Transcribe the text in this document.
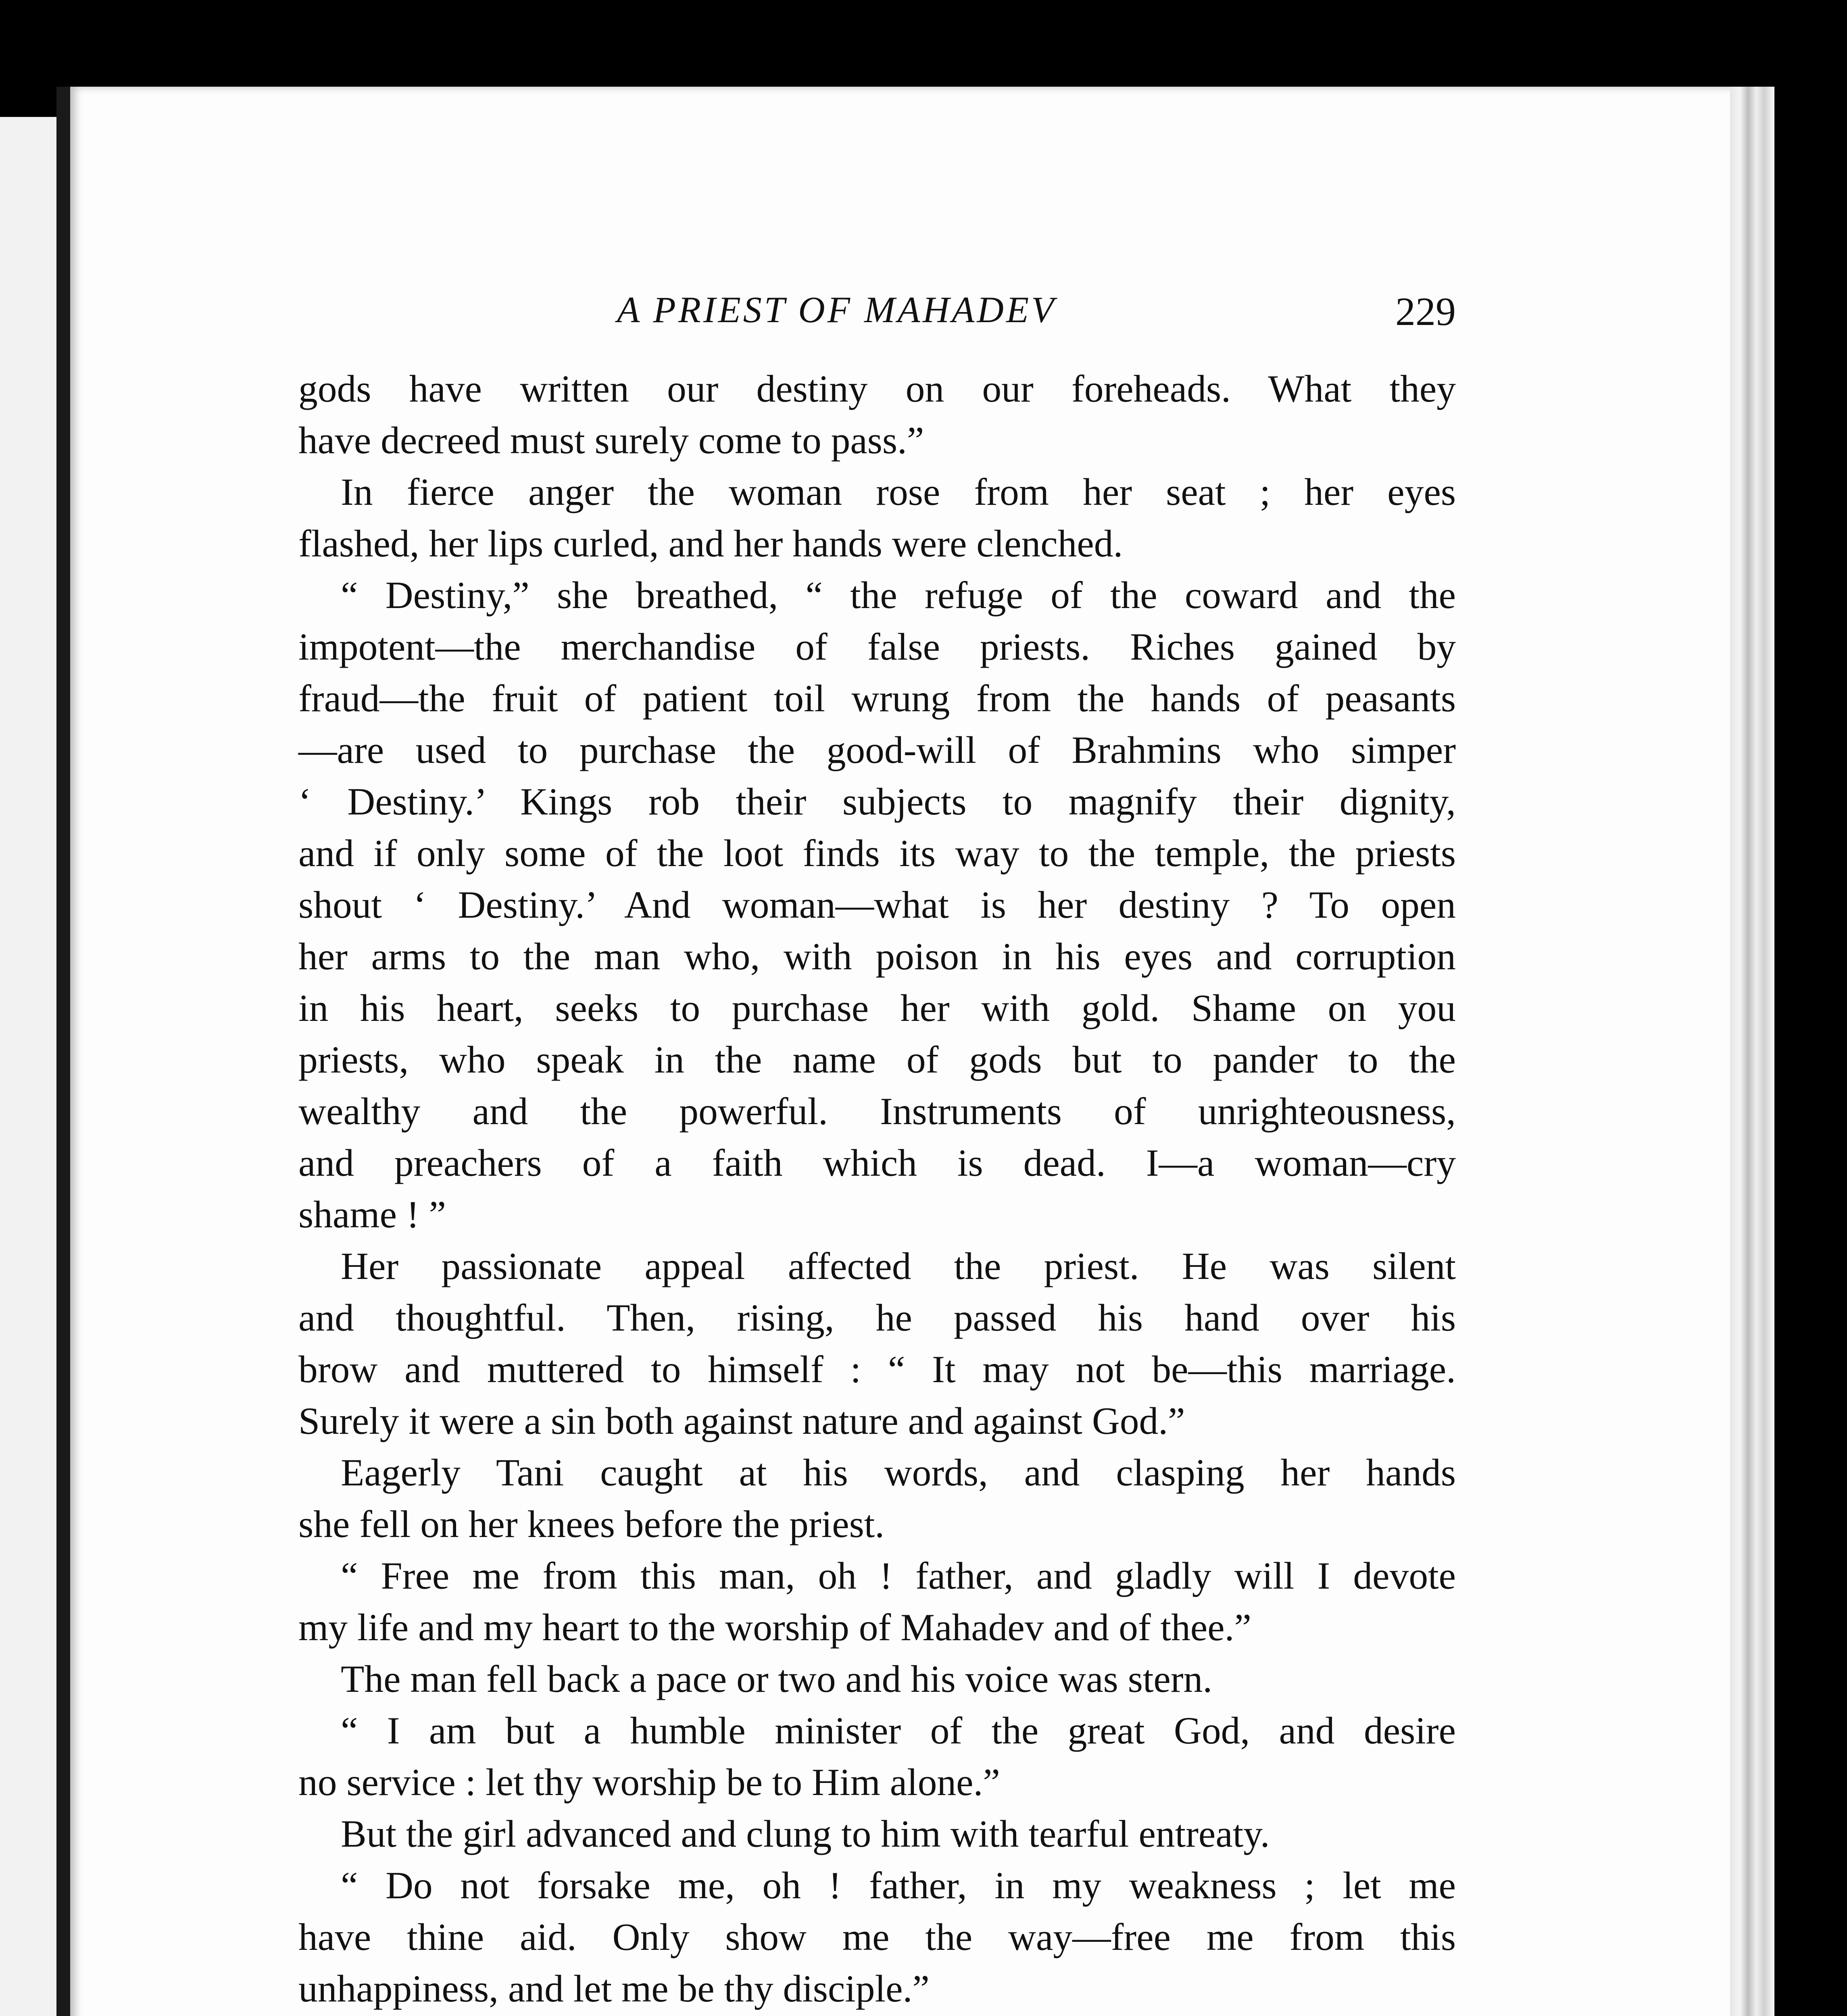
A PRIEST OF MAHADEV	229
gods have written our destiny on our foreheads. What they
have decreed must surely come to pass.”
In fierce anger the woman rose from her seat ; her eyes
flashed, her lips curled, and her hands were clenched.
“ Destiny,” she breathed, “ the refuge of the coward and the
impotent—the merchandise of false priests. Riches gained by
fraud—the fruit of patient toil wrung from the hands of peasants
—are used to purchase the good-will of Brahmins who simper
‘ Destiny.’ Kings rob their subjects to magnify their dignity,
and if only some of the loot finds its way to the temple, the priests
shout ‘ Destiny.’ And woman—what is her destiny ? To open
her arms to the man who, with poison in his eyes and corruption
in his heart, seeks to purchase her with gold. Shame on you
priests, who speak in the name of gods but to pander to the
wealthy and the powerful. Instruments of unrighteousness,
and preachers of a faith which is dead. I—a woman—cry
shame ! ”
Her passionate appeal affected the priest. He was silent
and thoughtful. Then, rising, he passed his hand over his
brow and muttered to himself : “ It may not be—this marriage.
Surely it were a sin both against nature and against God.”
Eagerly Tani caught at his words, and clasping her hands
she fell on her knees before the priest.
“ Free me from this man, oh ! father, and gladly will I devote
my life and my heart to the worship of Mahadev and of thee.”
The man fell back a pace or two and his voice was stern.
“ I am but a humble minister of the great God, and desire
no service : let thy worship be to Him alone.”
But the girl advanced and clung to him with tearful entreaty.
“ Do not forsake me, oh ! father, in my weakness ; let me
have thine aid. Only show me the way—free me from this
unhappiness, and let me be thy disciple.”
